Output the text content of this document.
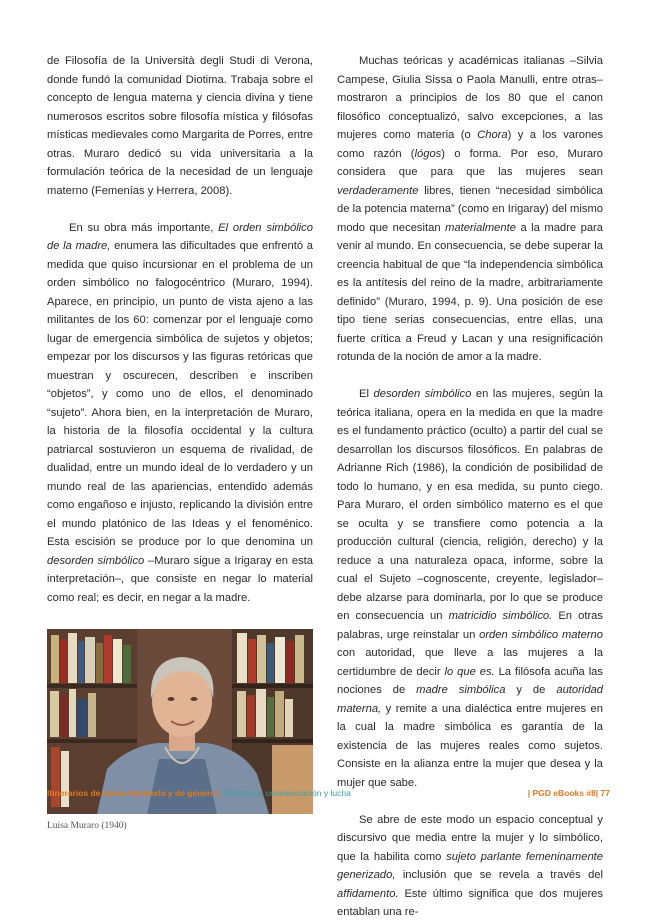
de Filosofía de la Università degli Studi di Verona, donde fundó la comunidad Diotima. Trabaja sobre el concepto de lengua materna y ciencia divina y tiene numerosos escritos sobre filosofía mística y filósofas místicas medievales como Margarita de Porres, entre otras. Muraro dedicó su vida universitaria a la formulación teórica de la necesidad de un lenguaje materno (Femenías y Herrera, 2008).

En su obra más importante, El orden simbólico de la madre, enumera las dificultades que enfrentó a medida que quiso incursionar en el problema de un orden simbólico no falogocéntrico (Muraro, 1994). Aparece, en principio, un punto de vista ajeno a las militantes de los 60: comenzar por el lenguaje como lugar de emergencia simbólica de sujetos y objetos; empezar por los discursos y las figuras retóricas que muestran y oscurecen, describen e inscriben “objetos”, y como uno de ellos, el denominado “sujeto”. Ahora bien, en la interpretación de Muraro, la historia de la filosofía occidental y la cultura patriarcal sostuvieron un esquema de rivalidad, de dualidad, entre un mundo ideal de lo verdadero y un mundo real de las apariencias, entendido además como engañoso e injusto, replicando la división entre el mundo platónico de las Ideas y el fenoménico. Esta escisión se produce por lo que denomina un desorden simbólico –Muraro sigue a Irigaray en esta interpretación–, que consiste en negar lo material como real; es decir, en negar a la madre.

Luisa Muraro (1940)

Muchas teóricas y académicas italianas –Silvia Campese, Giulia Sissa o Paola Manulli, entre otras– mostraron a principios de los 80 que el canon filosófico conceptualizó, salvo excepciones, a las mujeres como materia (o Chora) y a los varones como razón (lógos) o forma. Por eso, Muraro considera que para que las mujeres sean verdaderamente libres, tienen “necesidad simbólica de la potencia materna” (como en Irigaray) del mismo modo que necesitan materialmente a la madre para venir al mundo. En consecuencia, se debe superar la creencia habitual de que “la independencia simbólica es la antítesis del reino de la madre, arbitrariamente definido” (Muraro, 1994, p. 9). Una posición de ese tipo tiene serias consecuencias, entre ellas, una fuerte crítica a Freud y Lacan y una resignificación rotunda de la noción de amor a la madre.

El desorden simbólico en las mujeres, según la teórica italiana, opera en la medida en que la madre es el fundamento práctico (oculto) a partir del cual se desarrollan los discursos filosóficos. En palabras de Adrianne Rich (1986), la condición de posibilidad de todo lo humano, y en esa medida, su punto ciego. Para Muraro, el orden simbólico materno es el que se oculta y se transfiere como potencia a la producción cultural (ciencia, religión, derecho) y la reduce a una naturaleza opaca, informe, sobre la cual el Sujeto –cognoscente, creyente, legislador– debe alzarse para dominarla, por lo que se produce en consecuencia un matricidio simbólico. En otras palabras, urge reinstalar un orden simbólico materno con autoridad, que lleve a las mujeres a la certidumbre de decir lo que es. La filósofa acuña las nociones de madre simbólica y de autoridad materna, y remite a una dialéctica entre mujeres en la cual la madre simbólica es garantía de la existencia de las mujeres reales como sujetos. Consiste en la alianza entre la mujer que desea y la mujer que sabe.

Se abre de este modo un espacio conceptual y discursivo que media entre la mujer y lo simbólico, que la habilita como sujeto parlante femeninamente generizado, inclusión que se revela a través del affidamento. Este último significa que dos mujeres entablan una re-

Itinerarios de teoría feminista y de género | Diferencia, concienciación y lucha	| PGD eBooks #8| 77
